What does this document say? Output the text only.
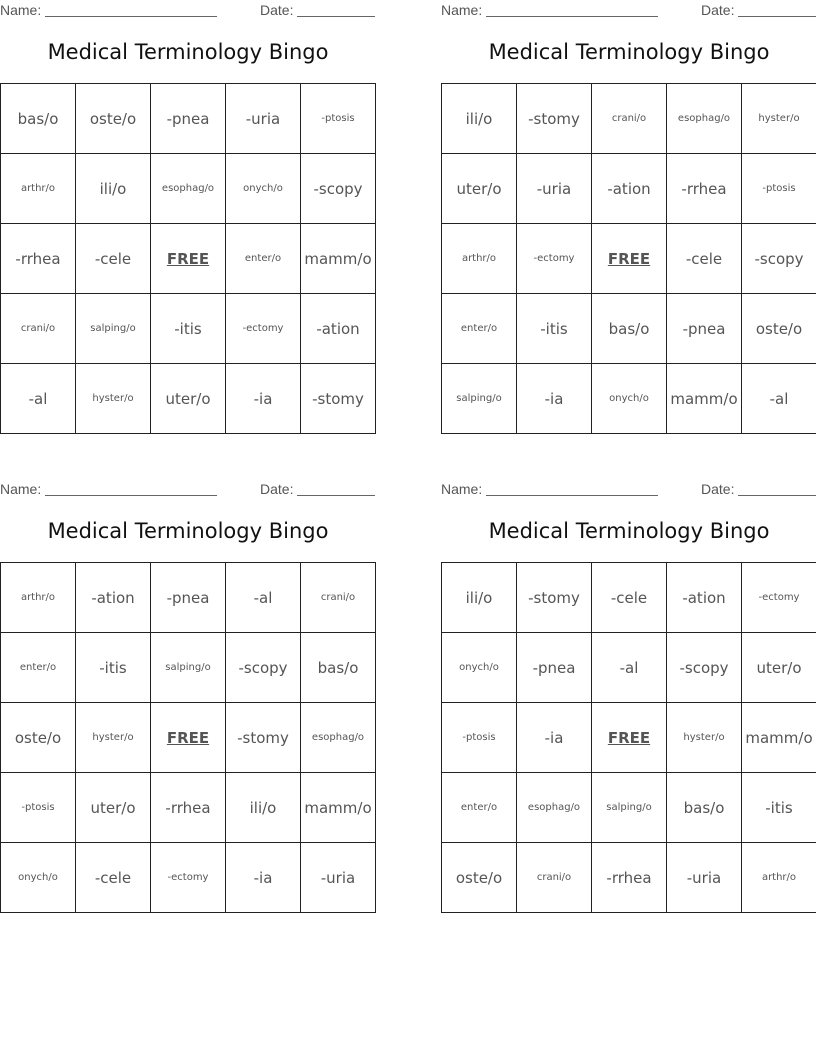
Name:	Date:
Medical Terminology Bingo
bas/o	oste/o	-pnea	-uria	-ptosis
arthr/o	ili/o	esophag/o	onych/o	-scopy
-rrhea	-cele	FREE	enter/o	mamm/o
crani/o	salping/o	-itis	-ectomy	-ation
-al	hyster/o	uter/o	-ia	-stomy
Name:	Date:
Medical Terminology Bingo
ili/o	-stomy	crani/o	esophag/o	hyster/o
uter/o	-uria	-ation	-rrhea	-ptosis
arthr/o	-ectomy	FREE	-cele	-scopy
enter/o	-itis	bas/o	-pnea	oste/o
salping/o	-ia	onych/o	mamm/o	-al
Name:	Date:
Medical Terminology Bingo
arthr/o	-ation	-pnea	-al	crani/o
enter/o	-itis	salping/o	-scopy	bas/o
oste/o	hyster/o	FREE	-stomy	esophag/o
-ptosis	uter/o	-rrhea	ili/o	mamm/o
onych/o	-cele	-ectomy	-ia	-uria
Name:	Date:
Medical Terminology Bingo
ili/o	-stomy	-cele	-ation	-ectomy
onych/o	-pnea	-al	-scopy	uter/o
-ptosis	-ia	FREE	hyster/o	mamm/o
enter/o	esophag/o	salping/o	bas/o	-itis
oste/o	crani/o	-rrhea	-uria	arthr/o
